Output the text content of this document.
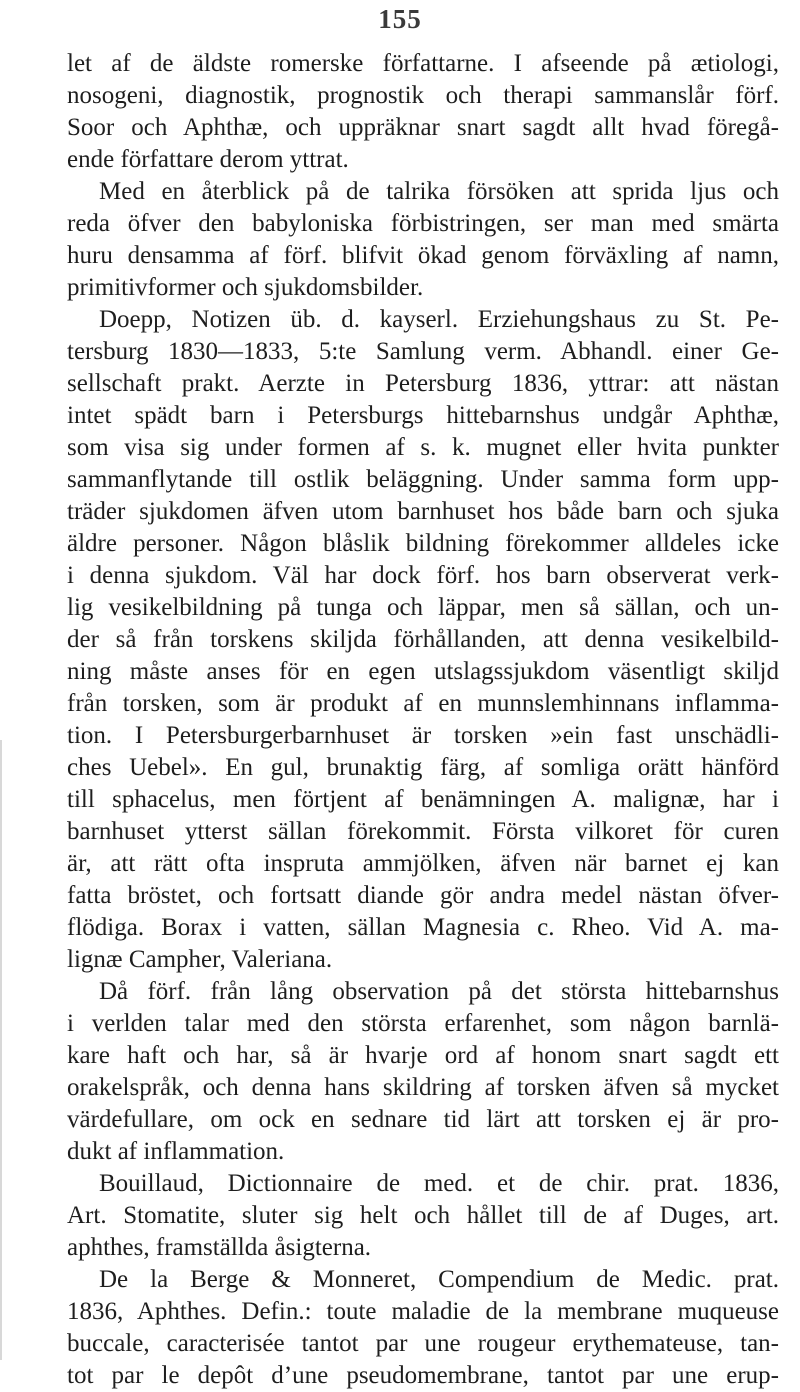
155
let af de äldste romerske författarne. I afseende på ætiologi,
nosogeni, diagnostik, prognostik och therapi sammanslår förf.
Soor och Aphthæ, och uppräknar snart sagdt allt hvad föregå-
ende författare derom yttrat.
Med en återblick på de talrika försöken att sprida ljus och
reda öfver den babyloniska förbistringen, ser man med smärta
huru densamma af förf. blifvit ökad genom förväxling af namn,
primitivformer och sjukdomsbilder.
Doepp, Notizen üb. d. kayserl. Erziehungshaus zu St. Pe-
tersburg 1830—1833, 5:te Samlung verm. Abhandl. einer Ge-
sellschaft prakt. Aerzte in Petersburg 1836, yttrar: att nästan
intet spädt barn i Petersburgs hittebarnshus undgår Aphthæ,
som visa sig under formen af s. k. mugnet eller hvita punkter
sammanflytande till ostlik beläggning. Under samma form upp-
träder sjukdomen äfven utom barnhuset hos både barn och sjuka
äldre personer. Någon blåslik bildning förekommer alldeles icke
i denna sjukdom. Väl har dock förf. hos barn observerat verk-
lig vesikelbildning på tunga och läppar, men så sällan, och un-
der så från torskens skiljda förhållanden, att denna vesikelbild-
ning måste anses för en egen utslagssjukdom väsentligt skiljd
från torsken, som är produkt af en munnslemhinnans inflamma-
tion. I Petersburgerbarnhuset är torsken »ein fast unschädli-
ches Uebel». En gul, brunaktig färg, af somliga orätt hänförd
till sphacelus, men förtjent af benämningen A. malignæ, har i
barnhuset ytterst sällan förekommit. Första vilkoret för curen
är, att rätt ofta inspruta ammjölken, äfven när barnet ej kan
fatta bröstet, och fortsatt diande gör andra medel nästan öfver-
flödiga. Borax i vatten, sällan Magnesia c. Rheo. Vid A. ma-
lignæ Campher, Valeriana.
Då förf. från lång observation på det största hittebarnshus
i verlden talar med den största erfarenhet, som någon barnlä-
kare haft och har, så är hvarje ord af honom snart sagdt ett
orakelspråk, och denna hans skildring af torsken äfven så mycket
värdefullare, om ock en sednare tid lärt att torsken ej är pro-
dukt af inflammation.
Bouillaud, Dictionnaire de med. et de chir. prat. 1836,
Art. Stomatite, sluter sig helt och hållet till de af Duges, art.
aphthes, framställda åsigterna.
De la Berge & Monneret, Compendium de Medic. prat.
1836, Aphthes. Defin.: toute maladie de la membrane muqueuse
buccale, caracterisée tantot par une rougeur erythemateuse, tan-
tot par le depôt d’une pseudomembrane, tantot par une erup-
